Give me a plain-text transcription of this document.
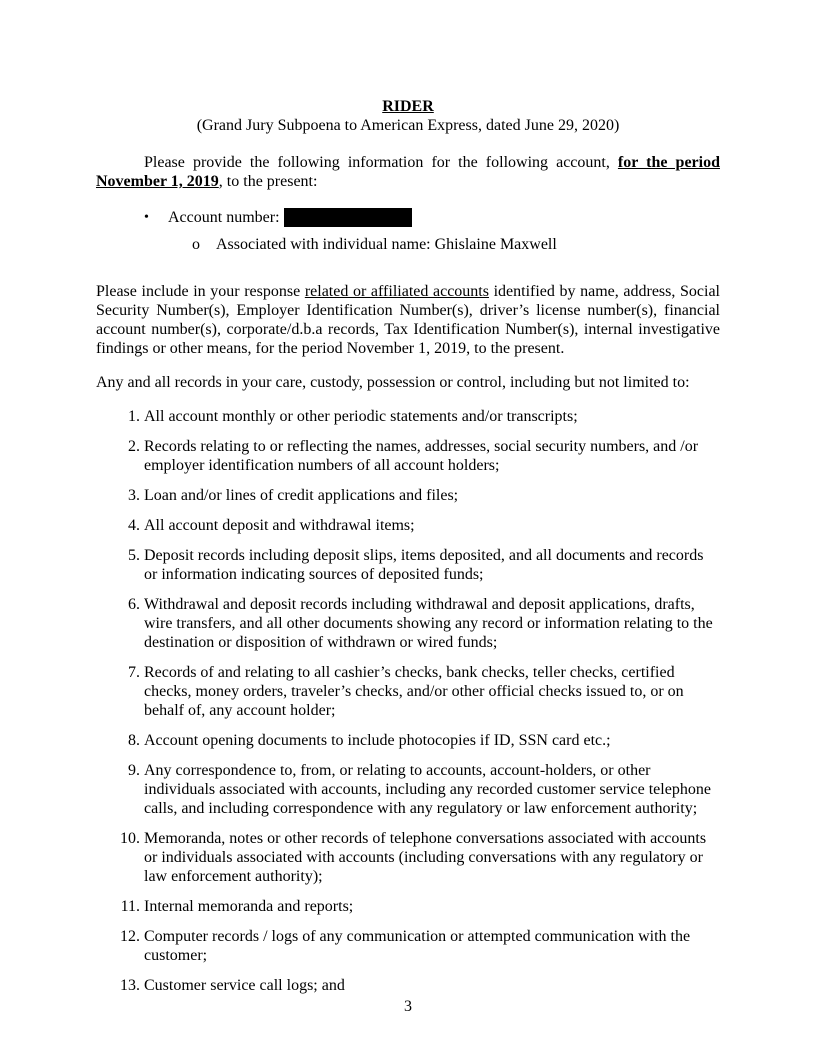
RIDER
(Grand Jury Subpoena to American Express, dated June 29, 2020)
Please provide the following information for the following account, for the period November 1, 2019, to the present:
•	Account number:
o	Associated with individual name: Ghislaine Maxwell
Please include in your response related or affiliated accounts identified by name, address, Social Security Number(s), Employer Identification Number(s), driver’s license number(s), financial account number(s), corporate/d.b.a records, Tax Identification Number(s), internal investigative findings or other means, for the period November 1, 2019, to the present.
Any and all records in your care, custody, possession or control, including but not limited to:
1. All account monthly or other periodic statements and/or transcripts;
2. Records relating to or reflecting the names, addresses, social security numbers, and /or employer identification numbers of all account holders;
3. Loan and/or lines of credit applications and files;
4. All account deposit and withdrawal items;
5. Deposit records including deposit slips, items deposited, and all documents and records or information indicating sources of deposited funds;
6. Withdrawal and deposit records including withdrawal and deposit applications, drafts, wire transfers, and all other documents showing any record or information relating to the destination or disposition of withdrawn or wired funds;
7. Records of and relating to all cashier’s checks, bank checks, teller checks, certified checks, money orders, traveler’s checks, and/or other official checks issued to, or on behalf of, any account holder;
8. Account opening documents to include photocopies if ID, SSN card etc.;
9. Any correspondence to, from, or relating to accounts, account-holders, or other individuals associated with accounts, including any recorded customer service telephone calls, and including correspondence with any regulatory or law enforcement authority;
10. Memoranda, notes or other records of telephone conversations associated with accounts or individuals associated with accounts (including conversations with any regulatory or law enforcement authority);
11. Internal memoranda and reports;
12. Computer records / logs of any communication or attempted communication with the customer;
13. Customer service call logs; and
3
